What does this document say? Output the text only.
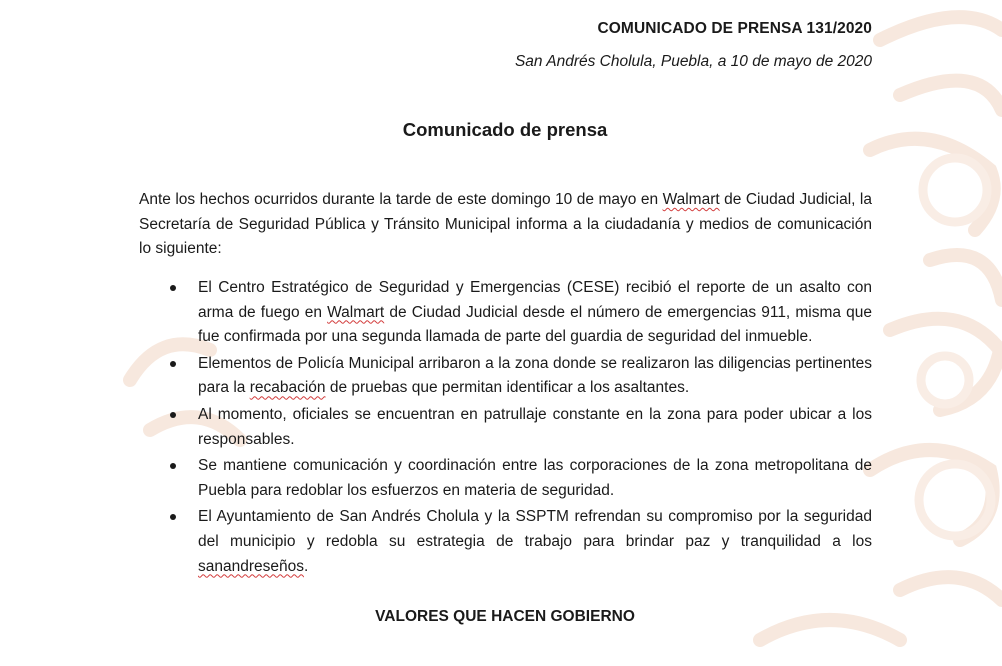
COMUNICADO DE PRENSA 131/2020
San Andrés Cholula, Puebla, a 10 de mayo de 2020
Comunicado de prensa
Ante los hechos ocurridos durante la tarde de este domingo 10 de mayo en Walmart de Ciudad Judicial, la Secretaría de Seguridad Pública y Tránsito Municipal informa a la ciudadanía y medios de comunicación lo siguiente:
El Centro Estratégico de Seguridad y Emergencias (CESE) recibió el reporte de un asalto con arma de fuego en Walmart de Ciudad Judicial desde el número de emergencias 911, misma que fue confirmada por una segunda llamada de parte del guardia de seguridad del inmueble.
Elementos de Policía Municipal arribaron a la zona donde se realizaron las diligencias pertinentes para la recabación de pruebas que permitan identificar a los asaltantes.
Al momento, oficiales se encuentran en patrullaje constante en la zona para poder ubicar a los responsables.
Se mantiene comunicación y coordinación entre las corporaciones de la zona metropolitana de Puebla para redoblar los esfuerzos en materia de seguridad.
El Ayuntamiento de San Andrés Cholula y la SSPTM refrendan su compromiso por la seguridad del municipio y redobla su estrategia de trabajo para brindar paz y tranquilidad a los sanandreseños.
VALORES QUE HACEN GOBIERNO
